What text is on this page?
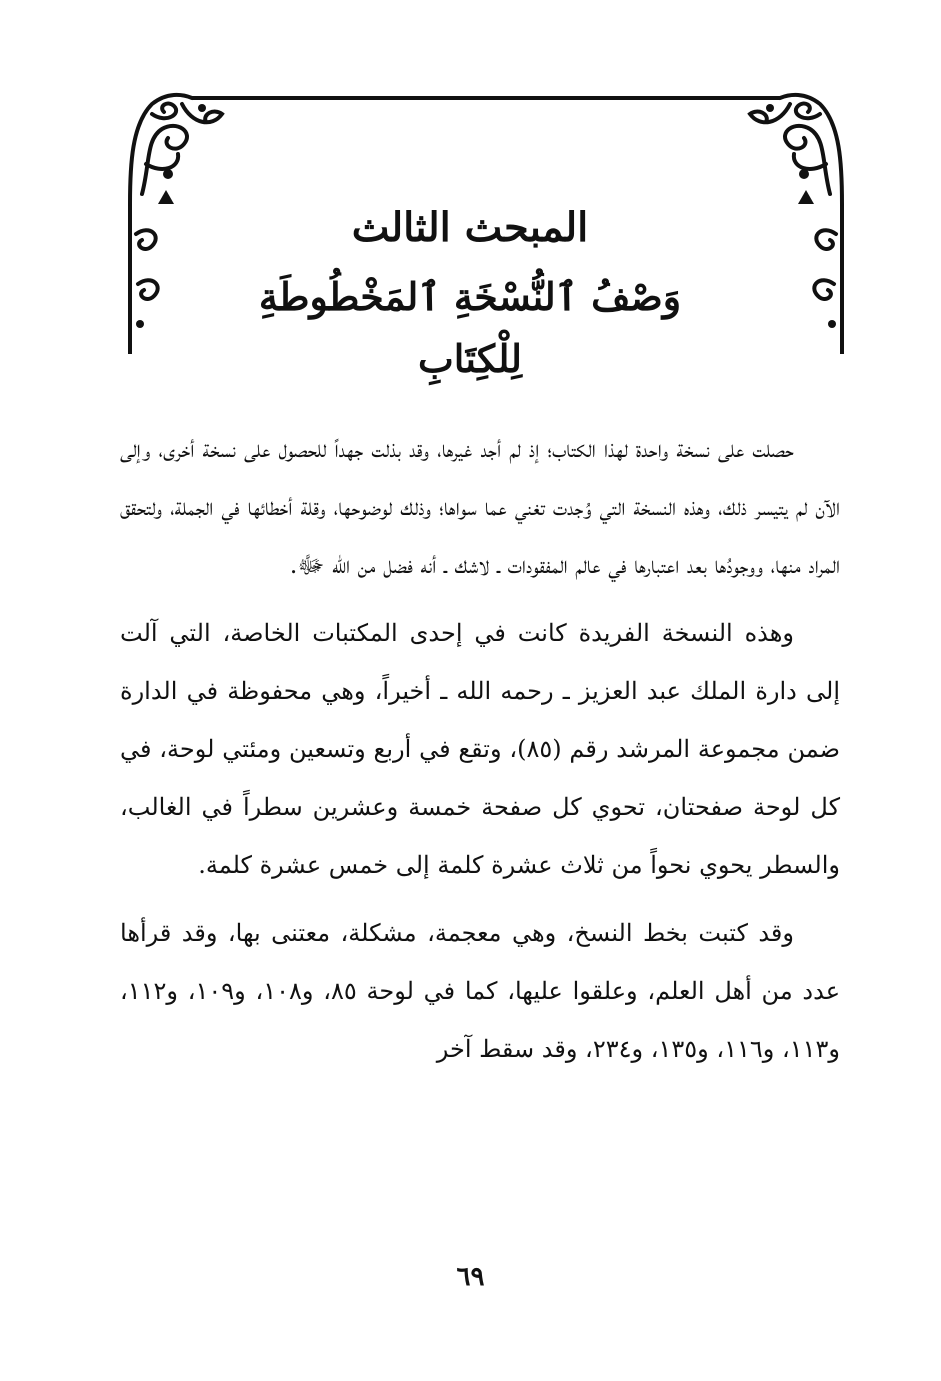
المبحث الثالث
وَصْفُ ٱلنُّسْخَةِ ٱلمَخْطُوطَةِ لِلْكِتَابِ

حصلت على نسخة واحدة لهذا الكتاب؛ إذ لم أجد غيرها، وقد بذلت جهداً للحصول على نسخة أخرى، وإلى الآن لم يتيسر ذلك، وهذه النسخة التي وُجدت تغني عما سواها؛ وذلك لوضوحها، وقلة أخطائها في الجملة، ولتحقق المراد منها، ووجودُها بعد اعتبارها في عالم المفقودات ـ لاشك ـ أنه فضل من الله ﷻ.

وهذه النسخة الفريدة كانت في إحدى المكتبات الخاصة، التي آلت إلى دارة الملك عبد العزيز ـ رحمه الله ـ أخيراً، وهي محفوظة في الدارة ضمن مجموعة المرشد رقم (٨٥)، وتقع في أربع وتسعين ومئتي لوحة، في كل لوحة صفحتان، تحوي كل صفحة خمسة وعشرين سطراً في الغالب، والسطر يحوي نحواً من ثلاث عشرة كلمة إلى خمس عشرة كلمة.

وقد كتبت بخط النسخ، وهي معجمة، مشكلة، معتنى بها، وقد قرأها عدد من أهل العلم، وعلقوا عليها، كما في لوحة ٨٥، و١٠٨، و١٠٩، و١١٢، و١١٣، و١١٦، و١٣٥، و٢٣٤، وقد سقط آخر

٦٩
